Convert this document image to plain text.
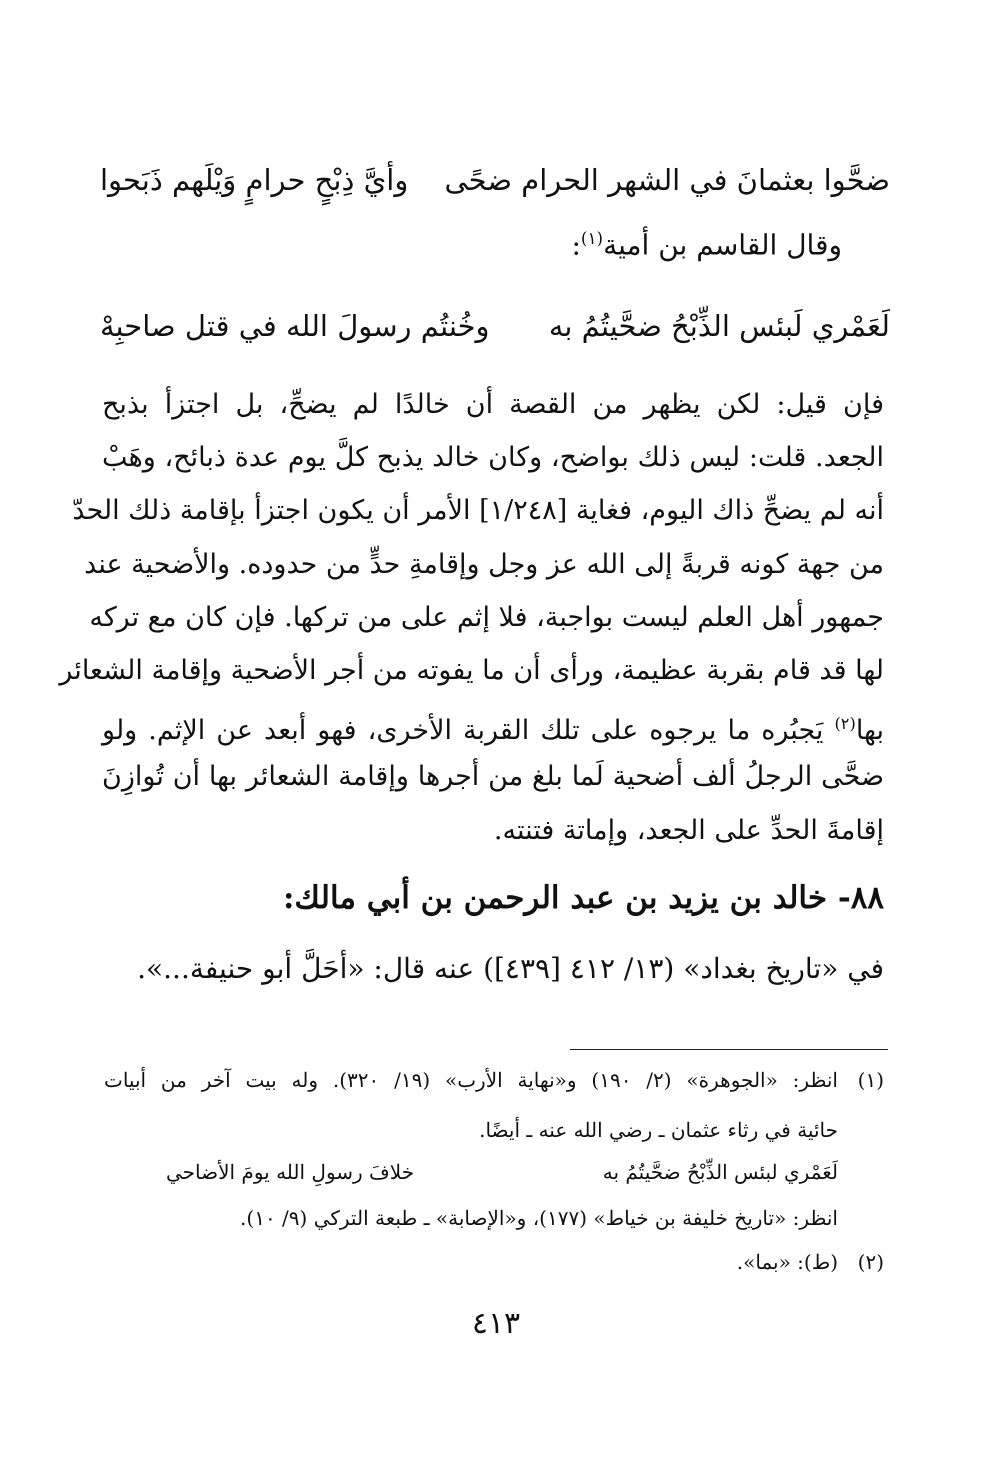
ضحَّوا بعثمانَ في الشهر الحرام ضحًى
وأيَّ ذِبْحٍ حرامٍ وَيْلَهم ذَبَحوا
وقال القاسم بن أمية$^{(١)}$:
لَعَمْري لَبئس الذِّبْحُ ضحَّيتُمُ به
وخُنتُم رسولَ الله في قتل صاحبِهْ
فإن قيل: لكن يظهر من القصة أن خالدًا لم يضحِّ، بل اجتزأ بذبح
الجعد. قلت: ليس ذلك بواضح، وكان خالد يذبح كلَّ يوم عدة ذبائح، وهَبْ
أنه لم يضحِّ ذاك اليوم، فغاية [١/٢٤٨] الأمر أن يكون اجتزأ بإقامة ذلك الحدّ
من جهة كونه قربةً إلى الله عز وجل وإقامةِ حدٍّ من حدوده. والأضحية عند
جمهور أهل العلم ليست بواجبة، فلا إثم على من تركها. فإن كان مع تركه
لها قد قام بقربة عظيمة، ورأى أن ما يفوته من أجر الأضحية وإقامة الشعائر
بها$^{(٢)}$ يَجبُره ما يرجوه على تلك القربة الأخرى، فهو أبعد عن الإثم. ولو
ضحَّى الرجلُ ألف أضحية لَما بلغ من أجرها وإقامة الشعائر بها أن تُوازِنَ
إقامةَ الحدِّ على الجعد، وإماتة فتنته.
٨٨- خالد بن يزيد بن عبد الرحمن بن أبي مالك:
في «تاريخ بغداد» (١٣/ ٤١٢ [٤٣٩]) عنه قال: «أحَلَّ أبو حنيفة...».
(١)
انظر: «الجوهرة» (٢/ ١٩٠) و«نهاية الأرب» (١٩/ ٣٢٠). وله بيت آخر من أبيات
حائية في رثاء عثمان ـ رضي الله عنه ـ أيضًا.
لَعَمْري لبئس الذِّبْحُ ضحَّيتُمُ به
خلافَ رسولِ الله يومَ الأضاحي
انظر: «تاريخ خليفة بن خياط» (١٧٧)، و«الإصابة» ـ طبعة التركي (٩/ ١٠).
(٢)
(ط): «بما».
٤١٣
